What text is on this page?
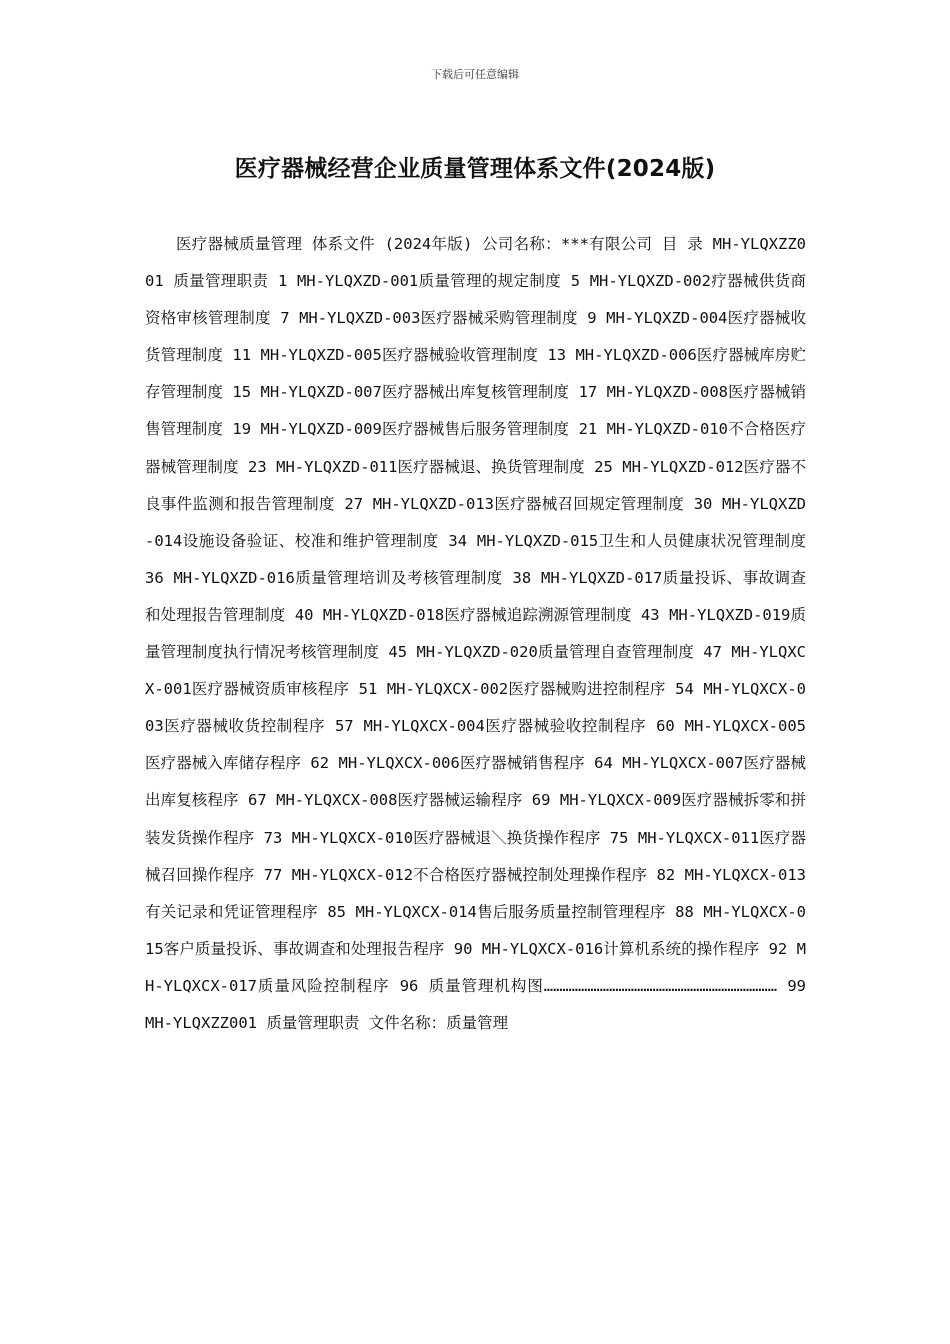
下载后可任意编辑
医疗器械经营企业质量管理体系文件(2024版)

医疗器械质量管理 体系文件 (2024年版) 公司名称：***有限公司 目 录 MH-YLQXZZ001 质量管理职责 1 MH-YLQXZD-001质量管理的规定制度 5 MH-YLQXZD-002疗器械供货商资格审核管理制度 7 MH-YLQXZD-003医疗器械采购管理制度 9 MH-YLQXZD-004医疗器械收货管理制度 11 MH-YLQXZD-005医疗器械验收管理制度 13 MH-YLQXZD-006医疗器械库房贮存管理制度 15 MH-YLQXZD-007医疗器械出库复核管理制度 17 MH-YLQXZD-008医疗器械销售管理制度 19 MH-YLQXZD-009医疗器械售后服务管理制度 21 MH-YLQXZD-010不合格医疗器械管理制度 23 MH-YLQXZD-011医疗器械退、换货管理制度 25 MH-YLQXZD-012医疗器不良事件监测和报告管理制度 27 MH-YLQXZD-013医疗器械召回规定管理制度 30 MH-YLQXZD-014设施设备验证、校准和维护管理制度 34 MH-YLQXZD-015卫生和人员健康状况管理制度 36 MH-YLQXZD-016质量管理培训及考核管理制度 38 MH-YLQXZD-017质量投诉、事故调查和处理报告管理制度 40 MH-YLQXZD-018医疗器械追踪溯源管理制度 43 MH-YLQXZD-019质量管理制度执行情况考核管理制度 45 MH-YLQXZD-020质量管理自查管理制度 47 MH-YLQXCX-001医疗器械资质审核程序 51 MH-YLQXCX-002医疗器械购进控制程序 54 MH-YLQXCX-003医疗器械收货控制程序 57 MH-YLQXCX-004医疗器械验收控制程序 60 MH-YLQXCX-005医疗器械入库储存程序 62 MH-YLQXCX-006医疗器械销售程序 64 MH-YLQXCX-007医疗器械出库复核程序 67 MH-YLQXCX-008医疗器械运输程序 69 MH-YLQXCX-009医疗器械拆零和拼装发货操作程序 73 MH-YLQXCX-010医疗器械退＼换货操作程序 75 MH-YLQXCX-011医疗器械召回操作程序 77 MH-YLQXCX-012不合格医疗器械控制处理操作程序 82 MH-YLQXCX-013有关记录和凭证管理程序 85 MH-YLQXCX-014售后服务质量控制管理程序 88 MH-YLQXCX-015客户质量投诉、事故调查和处理报告程序 90 MH-YLQXCX-016计算机系统的操作程序 92 MH-YLQXCX-017质量风险控制程序 96 质量管理机构图………………………………………………………………… 99 MH-YLQXZZ001 质量管理职责 文件名称：质量管理
